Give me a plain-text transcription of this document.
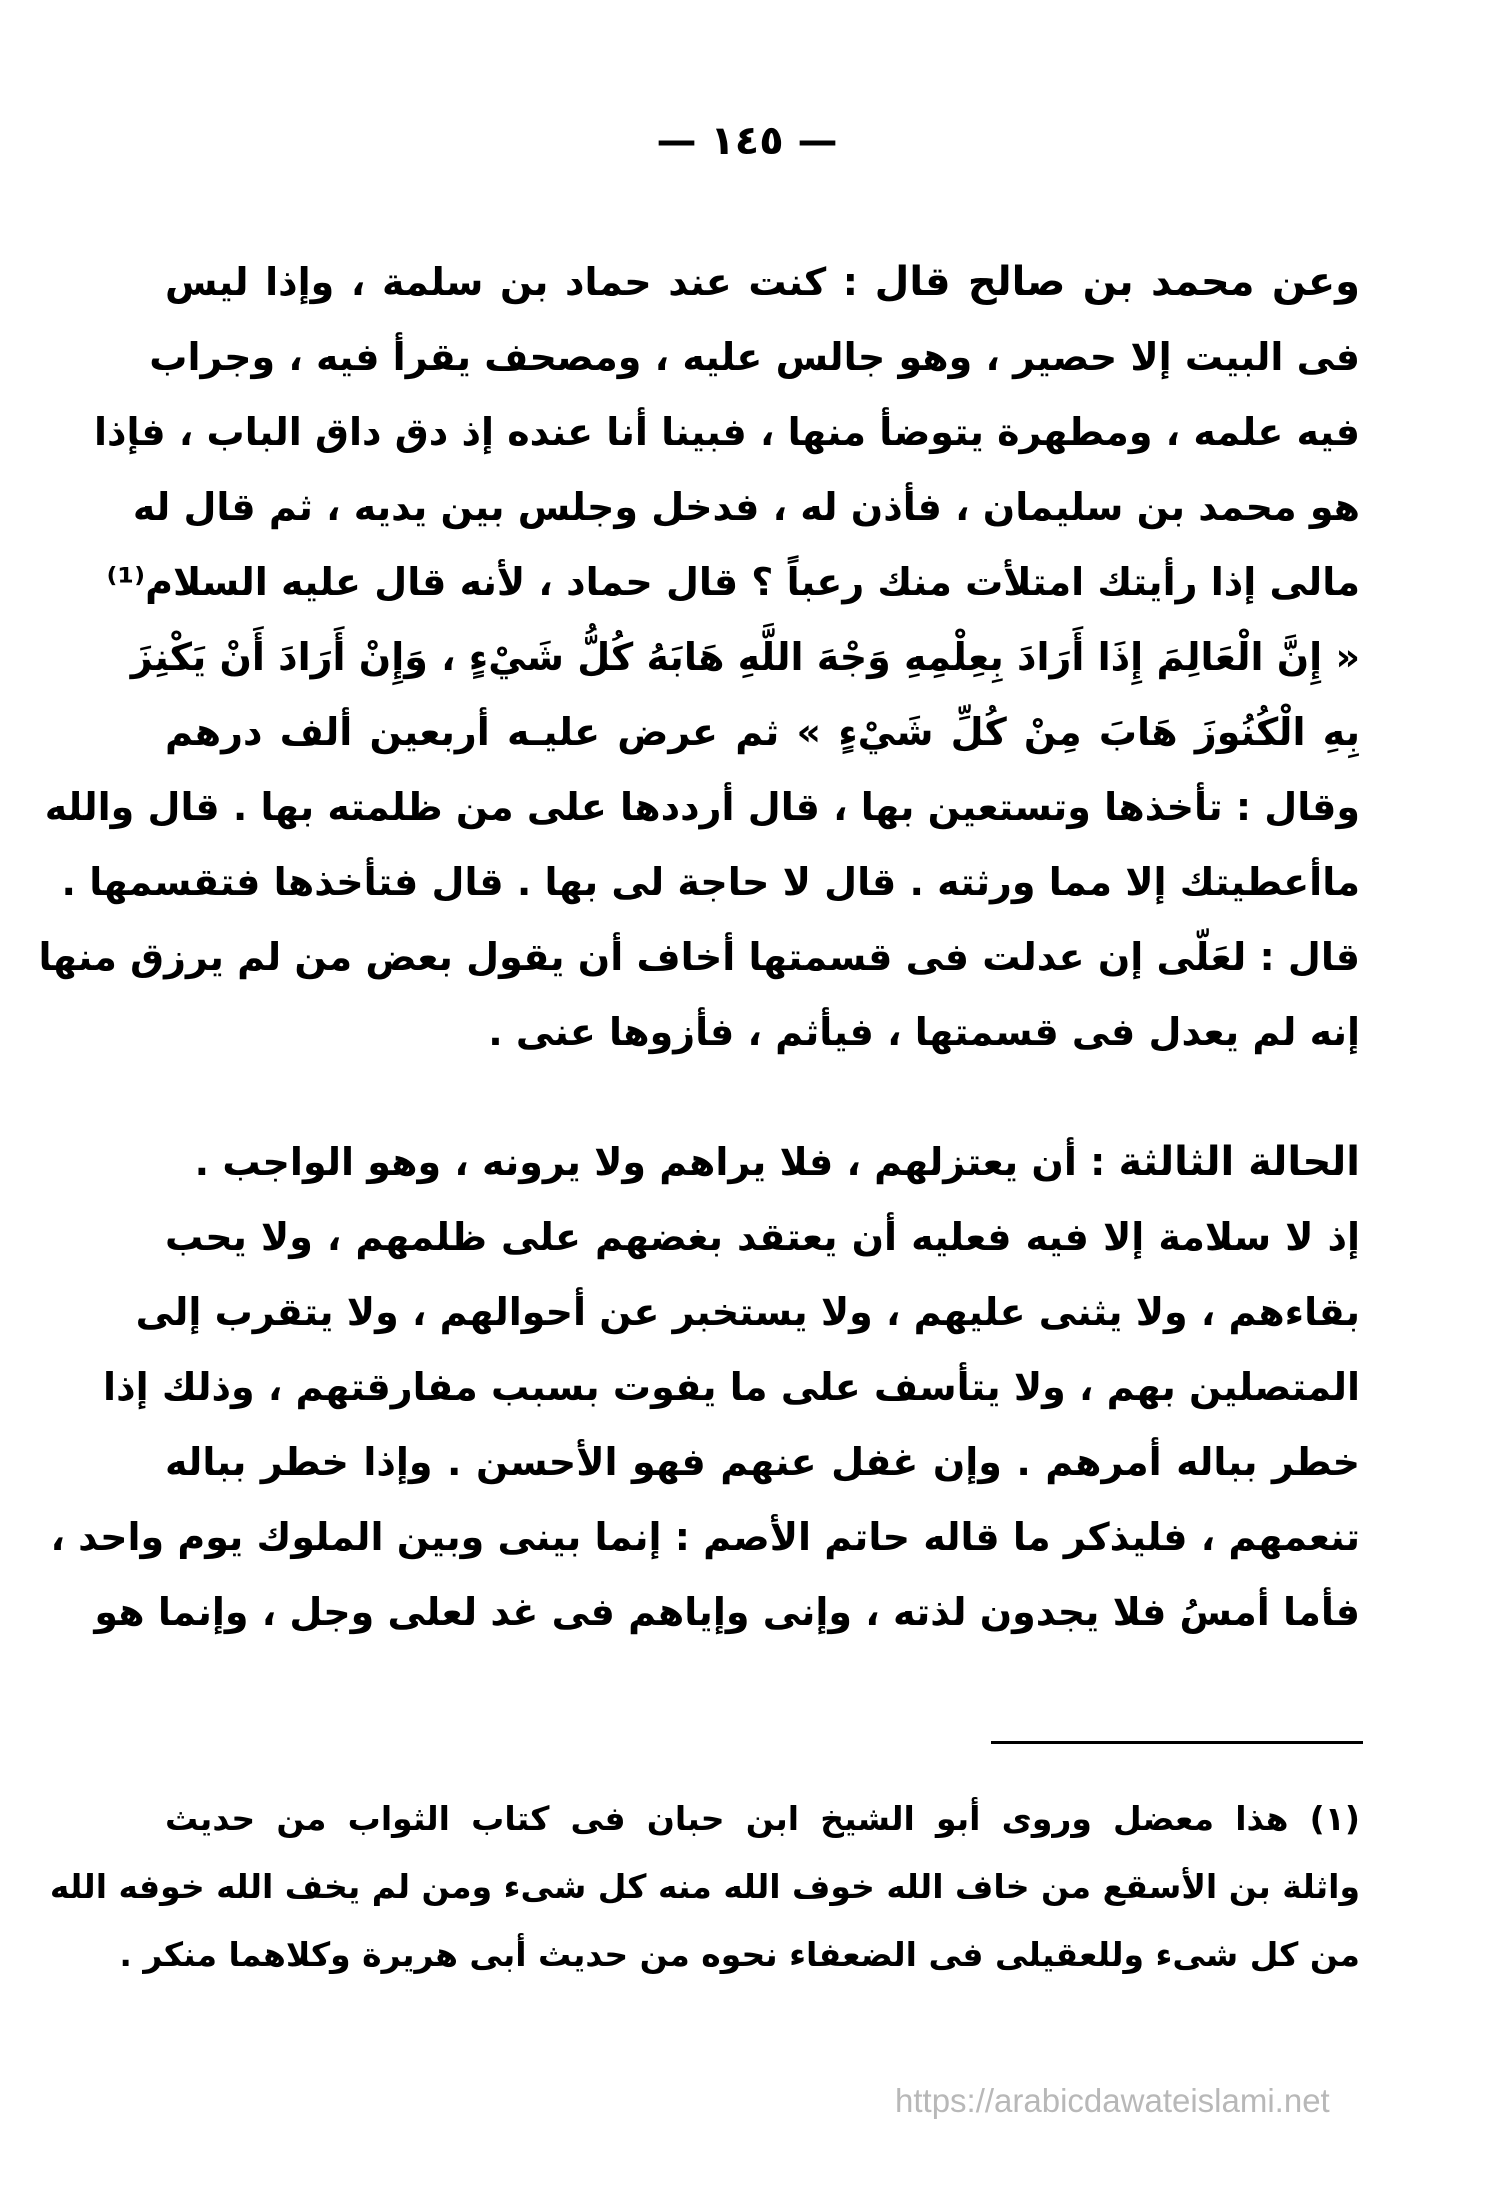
— ١٤٥ —
وعن محمد بن صالح قال : كنت عند حماد بن سلمة ، وإذا ليس
فى البيت إلا حصير ، وهو جالس عليه ، ومصحف يقرأ فيه ، وجراب
فيه علمه ، ومطهرة يتوضأ منها ، فبينا أنا عنده إذ دق داق الباب ، فإذا
هو محمد بن سليمان ، فأذن له ، فدخل وجلس بين يديه ، ثم قال له
مالى إذا رأيتك امتلأت منك رعباً ؟ قال حماد ، لأنه قال عليه السلام⁽¹⁾
« إِنَّ الْعَالِمَ إِذَا أَرَادَ بِعِلْمِهِ وَجْهَ اللَّهِ هَابَهُ كُلُّ شَيْءٍ ، وَإِنْ أَرَادَ أَنْ يَكْنِزَ
بِهِ الْكُنُوزَ هَابَ مِنْ كُلِّ شَيْءٍ » ثم عرض عليـه أربعين ألف درهم
وقال : تأخذها وتستعين بها ، قال أرددها على من ظلمته بها . قال والله
ماأعطيتك إلا مما ورثته . قال لا حاجة لى بها . قال فتأخذها فتقسمها .
قال : لعَلّى إن عدلت فى قسمتها أخاف أن يقول بعض من لم يرزق منها
إنه لم يعدل فى قسمتها ، فيأثم ، فأزوها عنى .
الحالة الثالثة : أن يعتزلهم ، فلا يراهم ولا يرونه ، وهو الواجب .
إذ لا سلامة إلا فيه فعليه أن يعتقد بغضهم على ظلمهم ، ولا يحب
بقاءهم ، ولا يثنى عليهم ، ولا يستخبر عن أحوالهم ، ولا يتقرب إلى
المتصلين بهم ، ولا يتأسف على ما يفوت بسبب مفارقتهم ، وذلك إذا
خطر بباله أمرهم . وإن غفل عنهم فهو الأحسن . وإذا خطر بباله
تنعمهم ، فليذكر ما قاله حاتم الأصم : إنما بينى وبين الملوك يوم واحد ،
فأما أمسُ فلا يجدون لذته ، وإنى وإياهم فى غد لعلى وجل ، وإنما هو
(١) هذا معضل وروى أبو الشيخ ابن حبان فى كتاب الثواب من حديث
واثلة بن الأسقع من خاف الله خوف الله منه كل شىء ومن لم يخف الله خوفه الله
من كل شىء وللعقيلى فى الضعفاء نحوه من حديث أبى هريرة وكلاهما منكر .
https://arabicdawateislami.net
